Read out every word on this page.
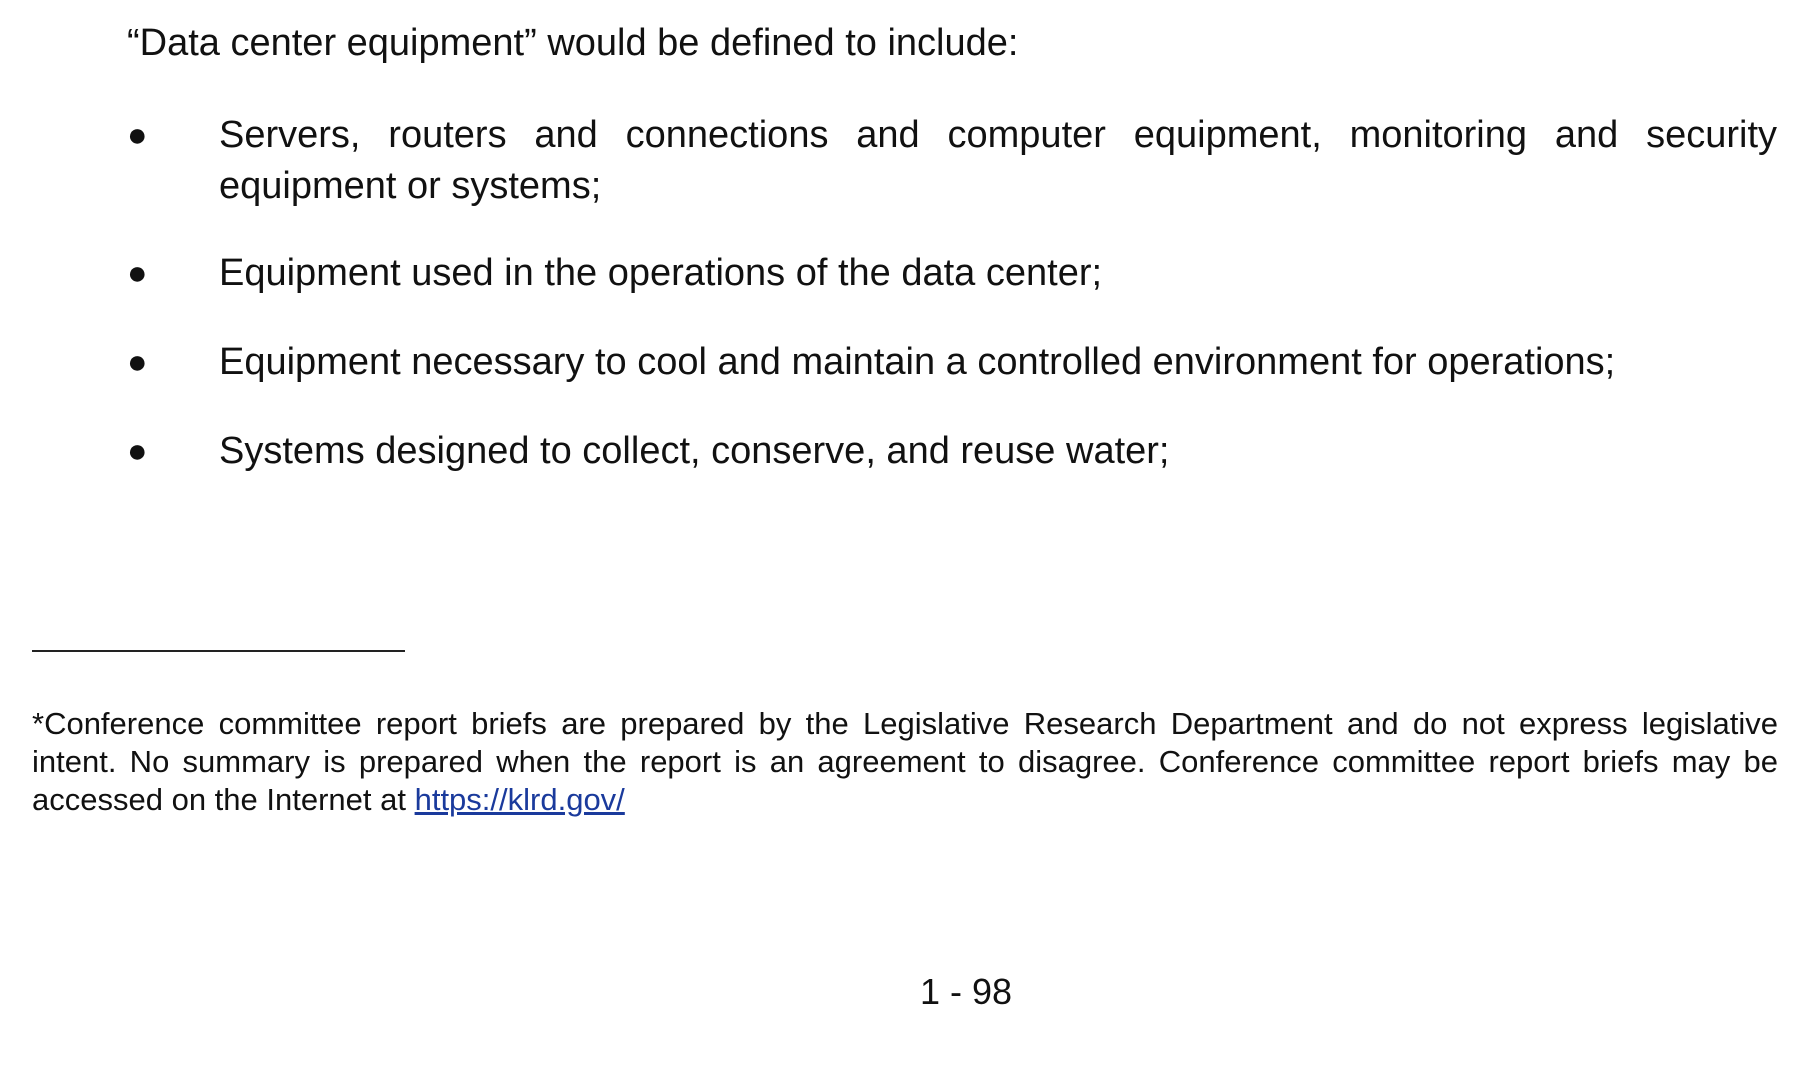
“Data center equipment” would be defined to include:

● Servers, routers and connections and computer equipment, monitoring and security equipment or systems;
● Equipment used in the operations of the data center;
● Equipment necessary to cool and maintain a controlled environment for operations;
● Systems designed to collect, conserve, and reuse water;

*Conference committee report briefs are prepared by the Legislative Research Department and do not express legislative intent. No summary is prepared when the report is an agreement to disagree. Conference committee report briefs may be accessed on the Internet at https://klrd.gov/

1 - 98
